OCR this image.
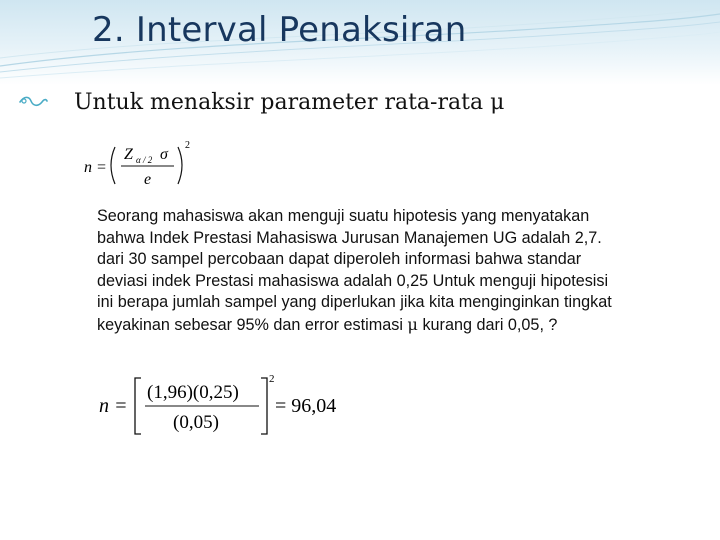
2. Interval Penaksiran
Untuk menaksir parameter rata-rata μ
n =
Z α / 2 σ
e
2
Seorang mahasiswa akan menguji suatu hipotesis yang menyatakan
bahwa Indek Prestasi Mahasiswa Jurusan Manajemen UG adalah 2,7.
dari 30 sampel percobaan dapat diperoleh informasi bahwa standar
deviasi indek Prestasi mahasiswa adalah 0,25 Untuk menguji hipotesisi
ini berapa jumlah sampel yang diperlukan jika kita menginginkan tingkat
keyakinan sebesar 95% dan error estimasi μ kurang dari 0,05, ?
n =
(1,96)(0,25)
(0,05)
2
= 96,04
